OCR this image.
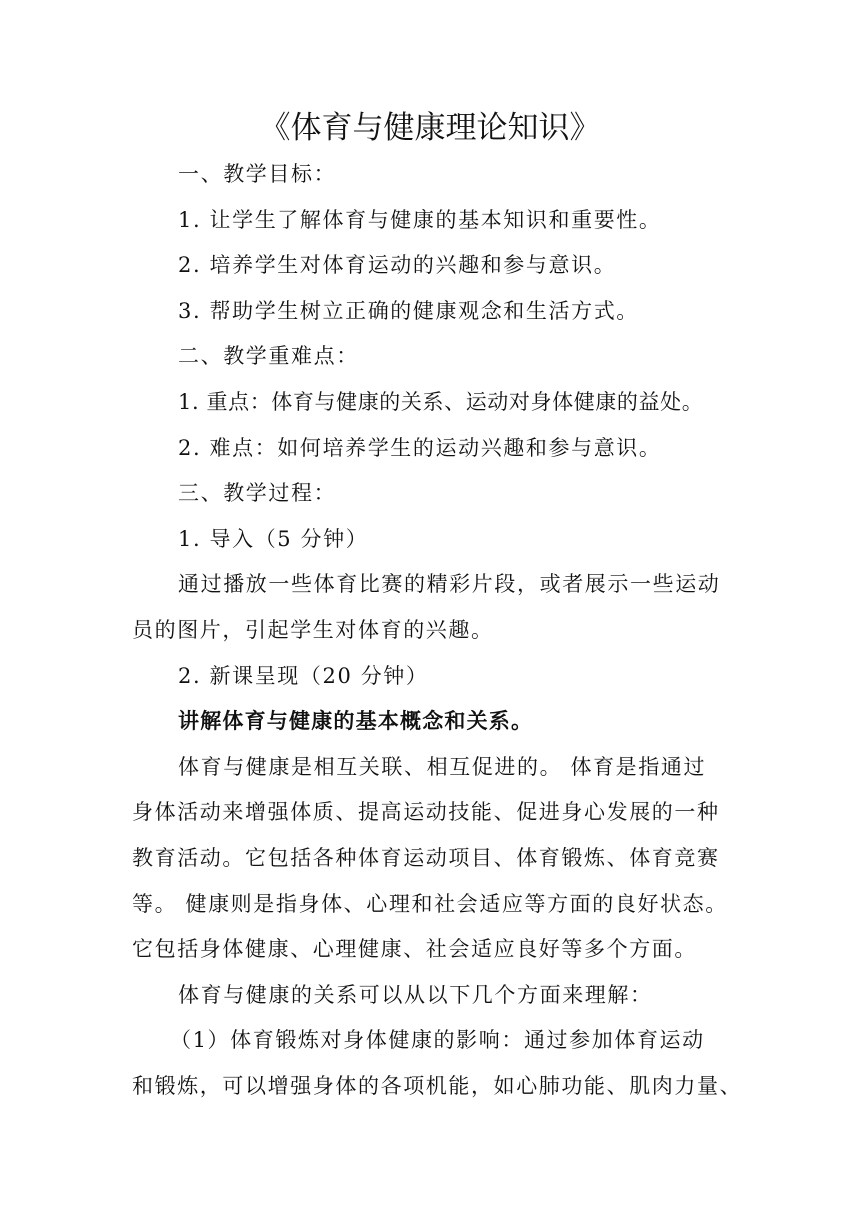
《体育与健康理论知识》
一、教学目标：
1. 让学生了解体育与健康的基本知识和重要性。
2. 培养学生对体育运动的兴趣和参与意识。
3. 帮助学生树立正确的健康观念和生活方式。
二、教学重难点：
1. 重点：体育与健康的关系、运动对身体健康的益处。
2. 难点：如何培养学生的运动兴趣和参与意识。
三、教学过程：
1. 导入（5 分钟）
通过播放一些体育比赛的精彩片段，或者展示一些运动
员的图片，引起学生对体育的兴趣。
2. 新课呈现（20 分钟）
讲解体育与健康的基本概念和关系。
体育与健康是相互关联、相互促进的。 体育是指通过
身体活动来增强体质、提高运动技能、促进身心发展的一种
教育活动。它包括各种体育运动项目、体育锻炼、体育竞赛
等。 健康则是指身体、心理和社会适应等方面的良好状态。
它包括身体健康、心理健康、社会适应良好等多个方面。
体育与健康的关系可以从以下几个方面来理解：
（1）体育锻炼对身体健康的影响：通过参加体育运动
和锻炼，可以增强身体的各项机能，如心肺功能、肌肉力量、
